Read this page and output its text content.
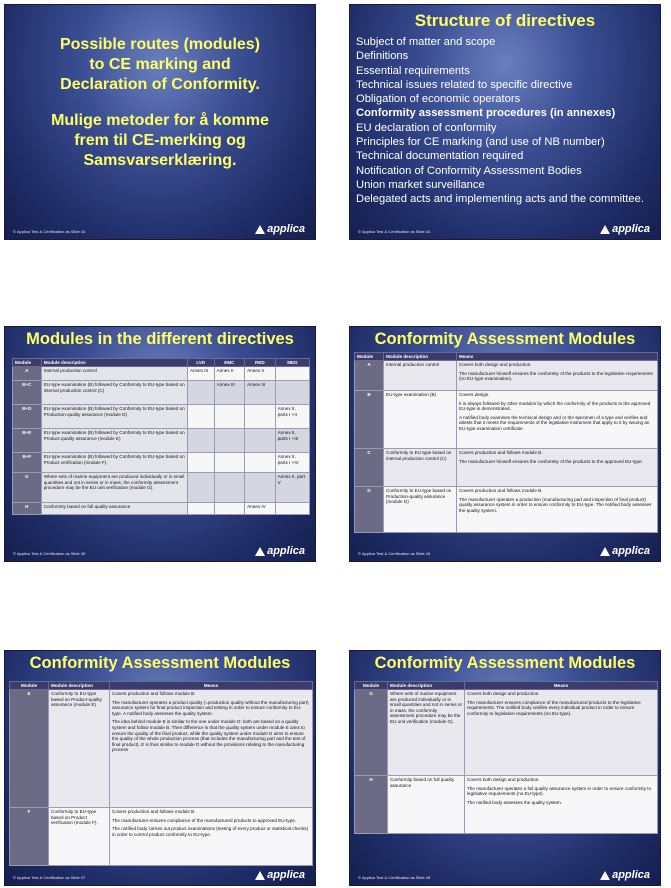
Possible routes (modules)
to CE marking and
Declaration of Conformity.
Mulige metoder for å komme
frem til CE-merking og
Samsvarserklæring.
© Applica Test & Certification as Slide 43	applica
Structure of directives
Subject of matter and scope
Definitions
Essential requirements
Technical issues related to specific directive
Obligation of economic operators
Conformity assessment procedures (in annexes)
EU declaration of conformity
Principles for CE marking (and use of NB number)
Technical documentation required
Notification of Conformity Assessment Bodies
Union market surveillance
Delegated acts and implementing acts and the committee.
© Applica Test & Certification as Slide 44	applica
Modules in the different directives
Module	Module description	LVD	EMC	RED	MED
A	Internal production control	Annex III	Annex II	Annex II	
B+C	EU-type examination (B) followed by Conformity to EU-type based on internal production control (C)		Annex III	Annex III	
B+D	EU-type examination (B) followed by Conformity to EU-type based on Production-quality assurance (module D)				Annex II, parts I +II
B+E	EU-type examination (B) followed by Conformity to EU-type based on Product-quality assurance (module E)				Annex II, parts I +III
B+F	EU-type examination (B) followed by Conformity to EU-type based on Product verification (module F).				Annex II, parts I +IV
G	Where sets of marine equipment are produced individually or in small quantities and not in series or in mass, the conformity assessment procedure may be the EU unit verification (module G).				Annex II, part V
H	Conformity based on full quality assurance			Annex IV	
© Applica Test & Certification as Slide 45	applica
Conformity Assessment Modules
Module	Module description	Means
A	Internal production control	Covers both design and production.

The manufacturer himself ensures the conformity of the products to the legislative requirements (no EU-type examination).

B	EU-type examination (B)	Covers design.

It is always followed by other modules by which the conformity of the products to the approved EU-type is demonstrated.

A notified body examines the technical design and or the specimen of a type and verifies and attests that it meets the requirements of the legislative instrument that apply to it by issuing an EU-type examination certificate.

C	Conformity to EU-type based on internal production control (C)	Covers production and follows module B.

The manufacturer himself ensures the conformity of the products to the approved EU-type.

D	Conformity to EU-type based on Production-quality assurance (module D)	Covers production and follows module B.

The manufacturer operates a production (manufacturing part and inspection of final product) quality assurance system in order to ensure conformity to EU-type. The notified body assesses the quality system.

© Applica Test & Certification as Slide 46	applica
Conformity Assessment Modules
Module	Module description	Means
E	Conformity to EU-type based on Product-quality assurance (module E)	Covers production and follows module B.

The manufacturer operates a product quality (=production quality without the manufacturing part) assurance system for final product inspection and testing in order to ensure conformity to EU-type. A notified body assesses the quality system.

The idea behind module E is similar to the one under module D: both are based on a quality system and follow module B. Their difference is that the quality system under module E aims to ensure the quality of the final product, while the quality system under module D aims to ensure the quality of the whole production process (that includes the manufacturing part and the test of final product). E is thus similar to module D without the provisions relating to the manufacturing process

F	Conformity to EU-type based on Product verification (module F).	Covers production and follows module B.

The manufacturer ensures compliance of the manufactured products to approved EU-type.

The notified body carries out product examinations (testing of every product or statistical checks) in order to control product conformity to EU-type.

© Applica Test & Certification as Slide 47	applica
Conformity Assessment Modules
Module	Module description	Means
G	Where sets of marine equipment are produced individually or in small quantities and not in series or in mass, the conformity assessment procedure may be the EU unit verification (module G).	Covers both design and production.

The manufacturer ensures compliance of the manufactured products to the legislative requirements. The notified body verifies every individual product in order to ensure conformity to legislative requirements (no EU-type).

H	Conformity based on full quality assurance	Covers both design and production.

The manufacturer operates a full quality assurance system in order to ensure conformity to legislative requirements (no EU-type).

The notified body assesses the quality system.

© Applica Test & Certification as Slide 48	applica
